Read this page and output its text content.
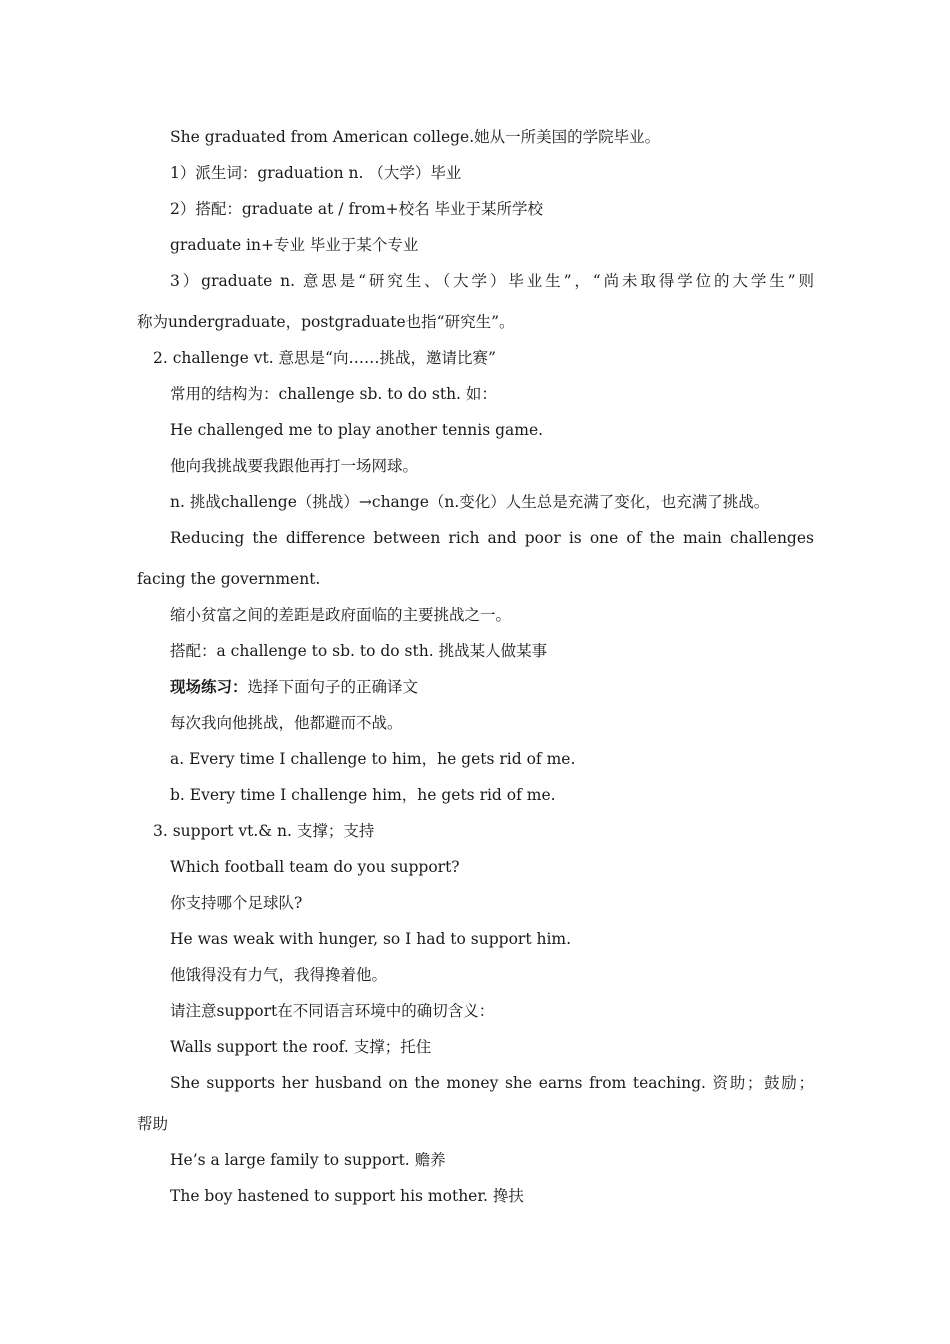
She graduated from American college.她从一所美国的学院毕业。
1）派生词：graduation n. （大学）毕业
2）搭配：graduate at / from+校名 毕业于某所学校
graduate in+专业 毕业于某个专业
3）graduate n. 意思是“研究生、（大学）毕业生”，“尚未取得学位的大学生”则
称为undergraduate，postgraduate也指“研究生”。
2. challenge vt. 意思是“向……挑战，邀请比赛”
常用的结构为：challenge sb. to do sth. 如：
He challenged me to play another tennis game.
他向我挑战要我跟他再打一场网球。
n. 挑战challenge（挑战）→change（n.变化）人生总是充满了变化，也充满了挑战。
Reducing the difference between rich and poor is one of the main challenges
facing the government.
缩小贫富之间的差距是政府面临的主要挑战之一。
搭配：a challenge to sb. to do sth. 挑战某人做某事
现场练习：选择下面句子的正确译文
每次我向他挑战，他都避而不战。
a. Every time I challenge to him，he gets rid of me.
b. Every time I challenge him，he gets rid of me.
3. support vt.& n. 支撑；支持
Which football team do you support?
你支持哪个足球队?
He was weak with hunger, so I had to support him.
他饿得没有力气，我得搀着他。
请注意support在不同语言环境中的确切含义：
Walls support the roof. 支撑；托住
She supports her husband on the money she earns from teaching. 资助；鼓励；
帮助
He’s a large family to support. 赡养
The boy hastened to support his mother. 搀扶
